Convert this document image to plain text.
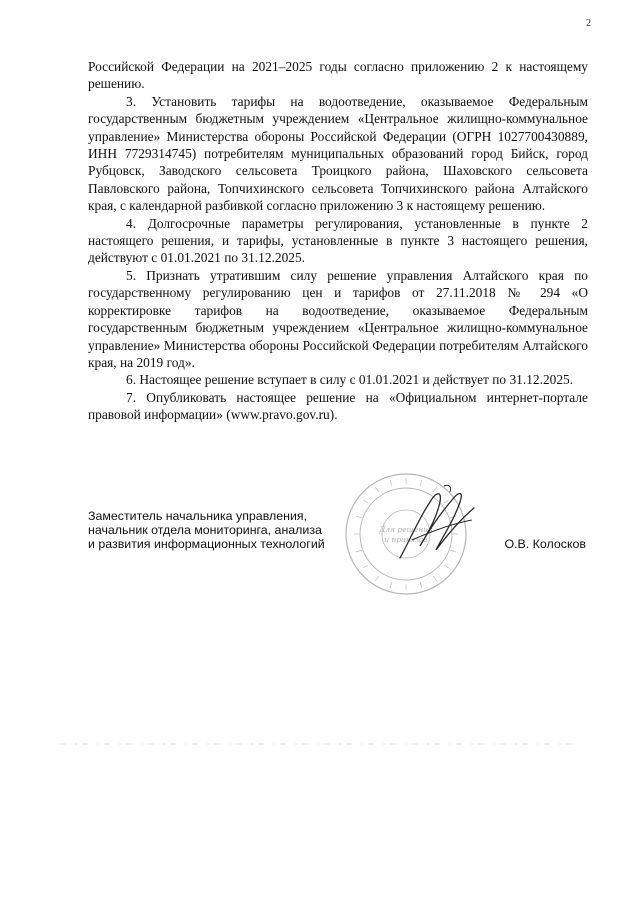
2

Российской Федерации на 2021–2025 годы согласно приложению 2 к настоящему решению.

3. Установить тарифы на водоотведение, оказываемое Федеральным государственным бюджетным учреждением «Центральное жилищно-коммунальное управление» Министерства обороны Российской Федерации (ОГРН 1027700430889, ИНН 7729314745) потребителям муниципальных образований город Бийск, город Рубцовск, Заводского сельсовета Троицкого района, Шаховского сельсовета Павловского района, Топчихинского сельсовета Топчихинского района Алтайского края, с календарной разбивкой согласно приложению 3 к настоящему решению.

4. Долгосрочные параметры регулирования, установленные в пункте 2 настоящего решения, и тарифы, установленные в пункте 3 настоящего решения, действуют с 01.01.2021 по 31.12.2025.

5. Признать утратившим силу решение управления Алтайского края по государственному регулированию цен и тарифов от 27.11.2018 № 294 «О корректировке тарифов на водоотведение, оказываемое Федеральным государственным бюджетным учреждением «Центральное жилищно-коммунальное управление» Министерства обороны Российской Федерации потребителям Алтайского края, на 2019 год».

6. Настоящее решение вступает в силу с 01.01.2021 и действует по 31.12.2025.

7. Опубликовать настоящее решение на «Официальном интернет-портале правовой информации» (www.pravo.gov.ru).

Для решений
и приказов
Заместитель начальника управления,
начальник отдела мониторинга, анализа
и развития информационных технологий	О.В. Колосков
